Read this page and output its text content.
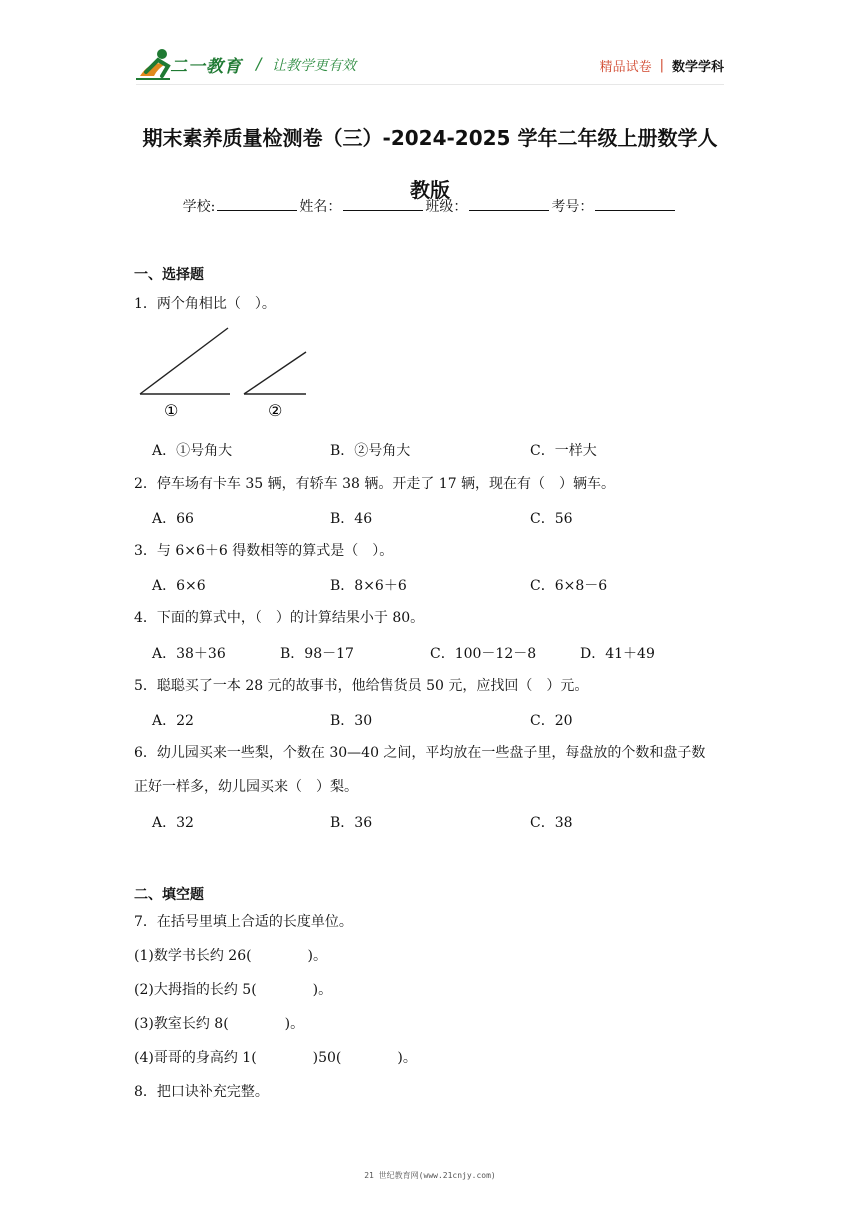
二一教育 / 让教学更有效	精品试卷 | 数学学科
期末素养质量检测卷（三）-2024-2025 学年二年级上册数学人
教版
学校:	姓名：	班级：	考号：
一、选择题
1．两个角相比（　）。
①	②
A．①号角大	B．②号角大	C．一样大
2．停车场有卡车 35 辆，有轿车 38 辆。开走了 17 辆，现在有（　）辆车。
A．66	B．46	C．56
3．与 6×6＋6 得数相等的算式是（　）。
A．6×6	B．8×6＋6	C．6×8－6
4．下面的算式中，（　）的计算结果小于 80。
A．38＋36	B．98－17	C．100－12－8	D．41＋49
5．聪聪买了一本 28 元的故事书，他给售货员 50 元，应找回（　）元。
A．22	B．30	C．20
6．幼儿园买来一些梨，个数在 30—40 之间，平均放在一些盘子里，每盘放的个数和盘子数
正好一样多，幼儿园买来（　）梨。
A．32	B．36	C．38
二、填空题
7．在括号里填上合适的长度单位。
(1)数学书长约 26(　　　　)。
(2)大拇指的长约 5(　　　　)。
(3)教室长约 8(　　　　)。
(4)哥哥的身高约 1(　　　　)50(　　　　)。
8．把口诀补充完整。
21 世纪教育网(www.21cnjy.com)
